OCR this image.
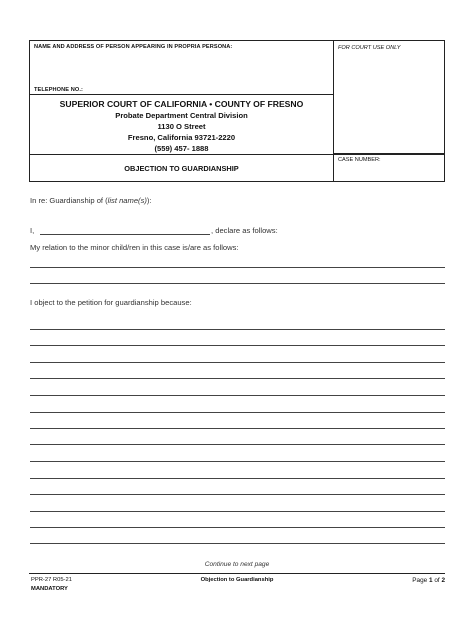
NAME AND ADDRESS OF PERSON APPEARING IN PROPRIA PERSONA:	FOR COURT USE ONLY
TELEPHONE NO.:
CASE NUMBER:
SUPERIOR COURT OF CALIFORNIA • COUNTY OF FRESNO
Probate Department Central Division
1130 O Street
Fresno, California 93721-2220
(559) 457- 1888
OBJECTION TO GUARDIANSHIP
In re: Guardianship of (list name(s)):
I,	, declare as follows:
My relation to the minor child/ren in this case is/are as follows:
I object to the petition for guardianship because:
Continue to next page
PPR-27 R05-21
MANDATORY
Objection to Guardianship	Page 1 of 2
